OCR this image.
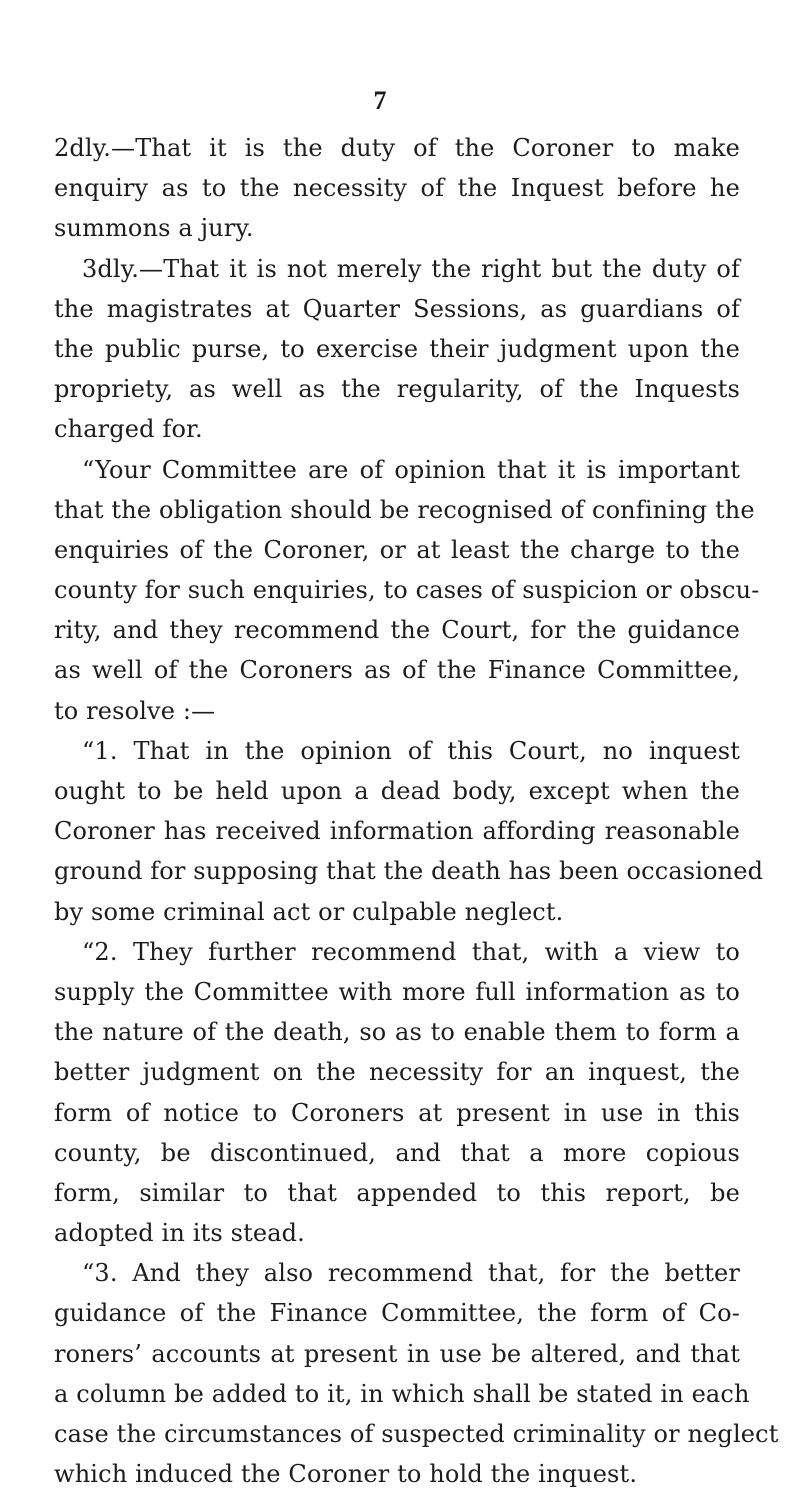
7
2dly.—That it is the duty of the Coroner to make
enquiry as to the necessity of the Inquest before he
summons a jury.
3dly.—That it is not merely the right but the duty of
the magistrates at Quarter Sessions, as guardians of
the public purse, to exercise their judgment upon the
propriety, as well as the regularity, of the Inquests
charged for.
“Your Committee are of opinion that it is important
that the obligation should be recognised of confining the
enquiries of the Coroner, or at least the charge to the
county for such enquiries, to cases of suspicion or obscu-
rity, and they recommend the Court, for the guidance
as well of the Coroners as of the Finance Committee,
to resolve :—
“1. That in the opinion of this Court, no inquest
ought to be held upon a dead body, except when the
Coroner has received information affording reasonable
ground for supposing that the death has been occasioned
by some criminal act or culpable neglect.
“2. They further recommend that, with a view to
supply the Committee with more full information as to
the nature of the death, so as to enable them to form a
better judgment on the necessity for an inquest, the
form of notice to Coroners at present in use in this
county, be discontinued, and that a more copious
form, similar to that appended to this report, be
adopted in its stead.
“3. And they also recommend that, for the better
guidance of the Finance Committee, the form of Co-
roners’ accounts at present in use be altered, and that
a column be added to it, in which shall be stated in each
case the circumstances of suspected criminality or neglect
which induced the Coroner to hold the inquest.
